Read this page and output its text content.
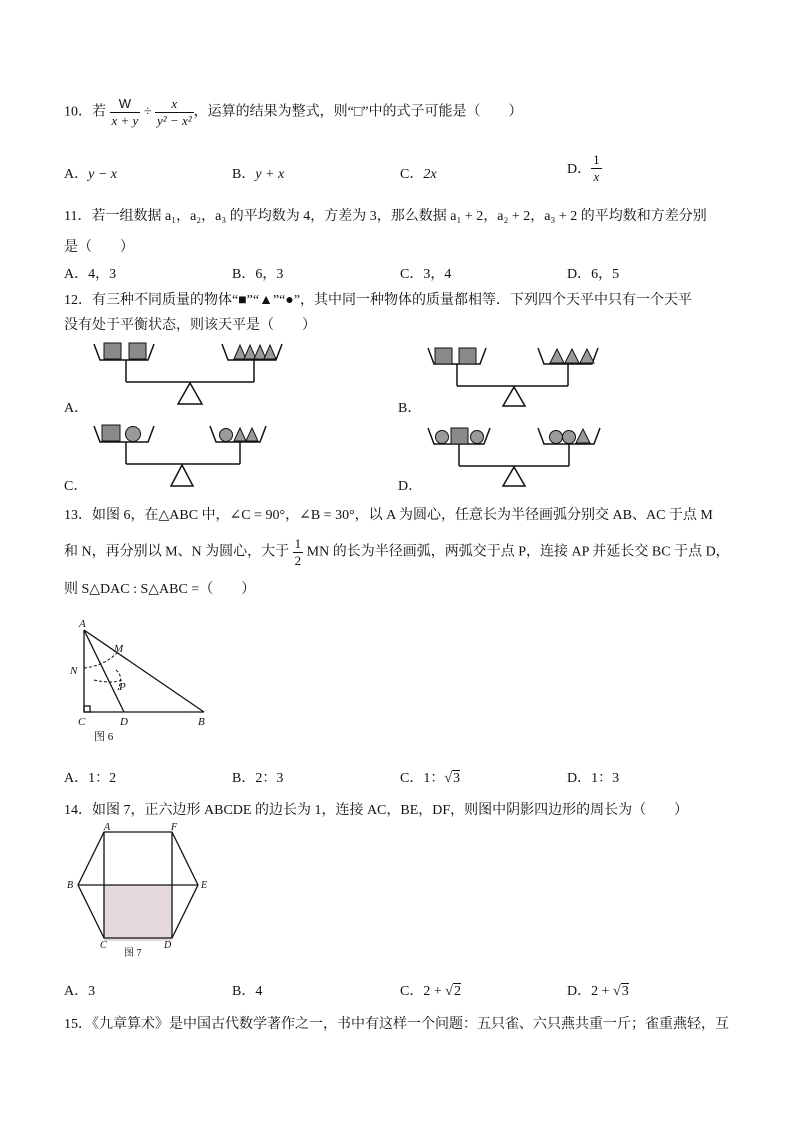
10．若 $\frac{W}{x + y} \div \frac{x}{\text{y² − x²}}$ ，运算的结果为整式，则“□”中的式子可能是（　　）
A．y − x	B．y + x	C．2x	D． $\frac{1}{x}$
11．若一组数据 a₁，a₂，a₃ 的平均数为 4，方差为 3，那么数据 a₁ + 2，a₂ + 2，a₃ + 2 的平均数和方差分别
是（　　）
A．4，3	B．6，3	C．3，4	D．6，5
12．有三种不同质量的物体“■”“▲”“●”，其中同一种物体的质量都相等．下列四个天平中只有一个天平
没有处于平衡状态，则该天平是（　　）
A．	B．
C．	D．
13．如图 6，在△ABC 中，∠C = 90°，∠B = 30°，以 A 为圆心，任意长为半径画弧分别交 AB、AC 于点 M
和 N，再分别以 M、N 为圆心，大于 $\frac{1}{2}$ MN 的长为半径画弧，两弧交于点 P，连接 AP 并延长交 BC 于点 D，
则 S△DAC : S△ABC =（　　）
A
M
N
P
C	D	B
图 6
A．1：2	B．2：3	C．1：√3	D．1：3
14．如图 7，正六边形 ABCDE 的边长为 1，连接 AC，BE，DF，则图中阴影四边形的周长为（　　）
A	F
B	E
C	D
图 7
A．3	B．4	C．2 + √2	D．2 + √3
15．《九章算术》是中国古代数学著作之一，书中有这样一个问题：五只雀、六只燕共重一斤；雀重燕轻，互
